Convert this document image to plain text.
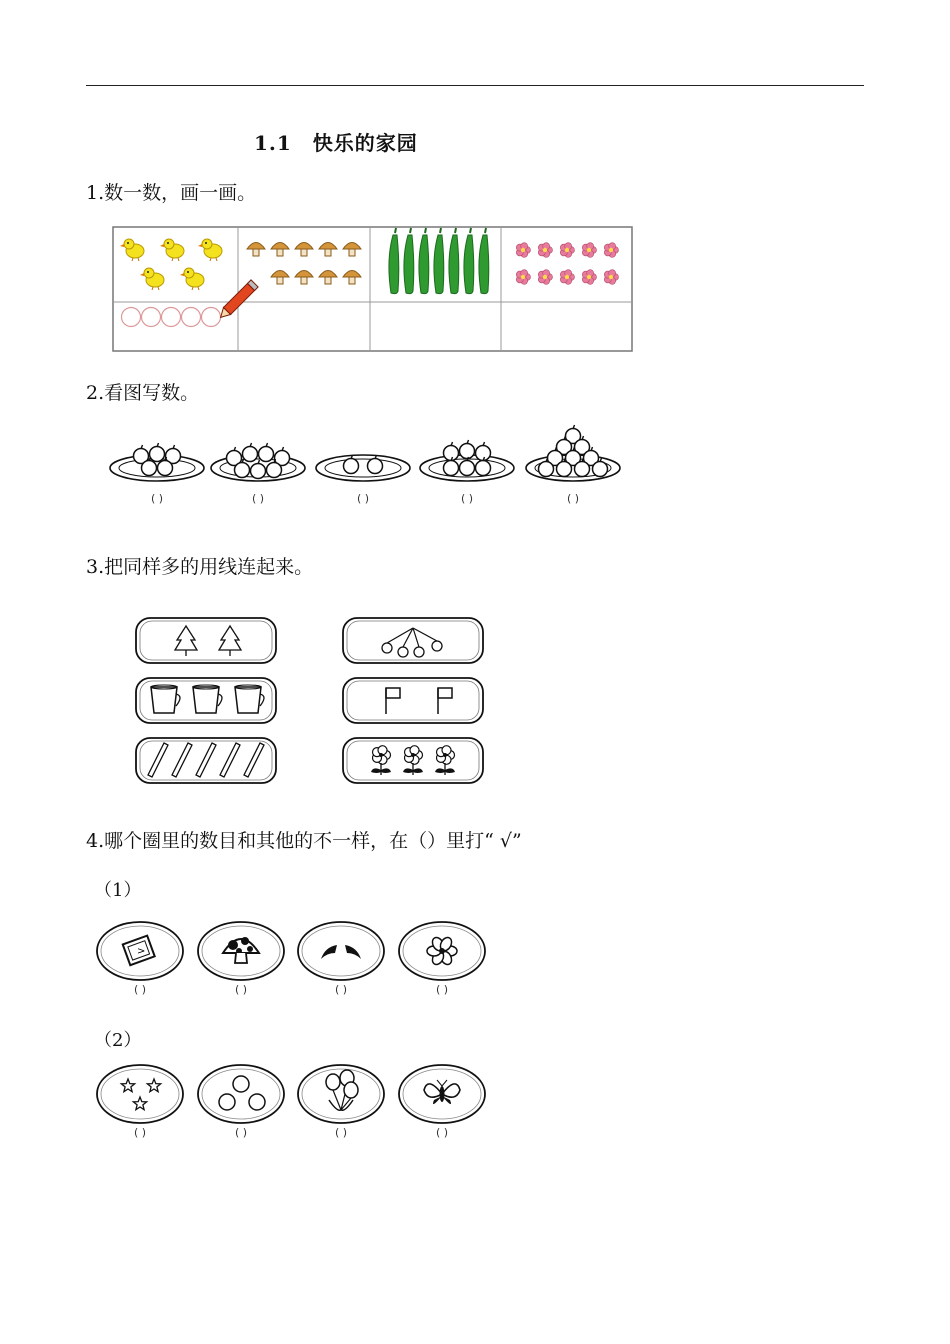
1.1　快乐的家园
1.数一数，画一画。
2.看图写数。
( )	( )	( )	( )	( )
3.把同样多的用线连起来。
4.哪个圈里的数目和其他的不一样，在（）里打“ √”
（1）
>
( )	( )	( )	( )
（2）
( )	( )	( )	( )
